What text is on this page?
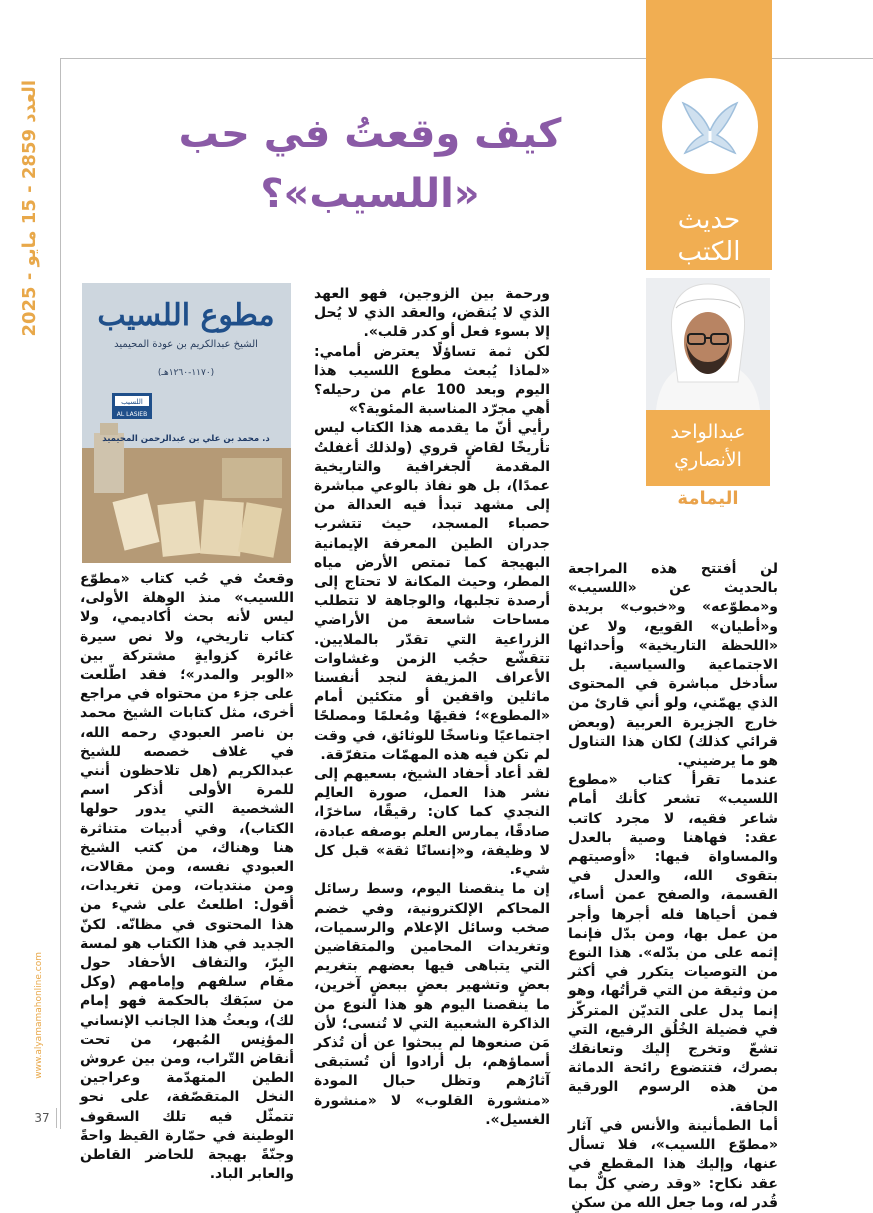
العدد 2859 - 15 مايو - 2025
www.alyamamahonline.com
37
حديث
الكتب
عبدالواحد
الأنصاري
اليمامة
كيف وقعتُ في حب
«اللسيب»؟
مطوع اللسيب
الشيخ عبدالكريم بن عودة المحيميد
(١١٧٠-١٢٦٠هـ)
اللسيب
AL LASIEB
د. محمد بن علي بن عبدالرحمن المحيميد

لن أفتتح هذه المراجعة بالحديث عن «اللسيب» و«مطوّعه» و«خبوب» بريدة و«أطيان» القويع، ولا عن «اللحظة التاريخية» وأحداثها الاجتماعية والسياسية. بل سأدخل مباشرة في المحتوى الذي يهمّني، ولو أني قارئ من خارج الجزيرة العربية (وبعض قرائي كذلك) لكان هذا التناول هو ما يرضيني.

عندما تقرأ كتاب «مطوع اللسيب» تشعر كأنك أمام شاعر فقيه، لا مجرد كاتب عقد: فهاهنا وصية بالعدل والمساواة فيها: «أوصيتهم بتقوى الله، والعدل في القسمة، والصفح عمن أساء، فمن أحياها فله أجرها وأجر من عمل بها، ومن بدّل فإنما إثمه على من بدّله». هذا النوع من التوصيات يتكرر في أكثر من وثيقة من التي قرأتُها، وهو إنما يدل على التديّن المتركّز في فضيلة الخُلُق الرفيع، التي تشعّ وتخرج إليك وتعانقك بصرك، فتتضوع رائحة الدماثة من هذه الرسوم الورقية الجافة.

أما الطمأنينة والأنس في آثار «مطوّع اللسيب»، فلا تسأل عنها، وإليك هذا المقطع في عقد نكاح: «وقد رضي كلٌّ بما قُدر له، وما جعل الله من سكنٍ

ورحمة بين الزوجين، فهو العهد الذي لا يُنقض، والعقد الذي لا يُحل إلا بسوء فعل أو كدر قلب».

لكن ثمة تساؤلًا يعترض أمامي: «لماذا يُبعث مطوع اللسيب هذا اليوم وبعد 100 عام من رحيله؟ أهي مجرّد المناسبة المئوية؟»

رأيي أنّ ما يقدمه هذا الكتاب ليس تأريخًا لقاضٍ قروي (ولذلك أغفلتُ المقدمة الجغرافية والتاريخية عمدًا)، بل هو نفاذ بالوعي مباشرة إلى مشهد تبدأ فيه العدالة من حصباء المسجد، حيث تتشرب جدران الطين المعرفة الإيمانية البهيجة كما تمتص الأرض مياه المطر، وحيث المكانة لا تحتاج إلى أرصدة تجلبها، والوجاهة لا تتطلب مساحات شاسعة من الأراضي الزراعية التي تقدّر بالملايين. تتقشّع حجُب الزمن وغشاوات الأعراف المزيفة لنجد أنفسنا ماثلين واقفين أو متكئين أمام «المطوع»؛ فقيهًا ومُعلمًا ومصلحًا اجتماعيًا وناسخًا للوثائق، في وقت لم تكن فيه هذه المهمّات متفرّقة.

لقد أعاد أحفاد الشيخ، بسعيهم إلى نشر هذا العمل، صورة العالِم النجدي كما كان: رقيقًا، ساخرًا، صادقًا، يمارس العلم بوصفه عبادة، لا وظيفة، و«إنسانًا ثقة» قبل كل شيء.

إن ما ينقصنا اليوم، وسط رسائل المحاكم الإلكترونية، وفي خضم صخب وسائل الإعلام والرسميات، وتغريدات المحامين والمتقاضين التي يتباهى فيها بعضهم بتغريم بعضٍ وتشهير بعضٍ ببعضٍ آخرين، ما ينقصنا اليوم هو هذا النوع من الذاكرة الشعبية التي لا تُنسى؛ لأن مَن صنعوها لم يبحثوا عن أن تُذكر أسماؤهم، بل أرادوا أن تُستبقى آثارُهم وتظل حبال المودة «منشورة القلوب» لا «منشورة الغسيل».

وقعتُ في حُب كتاب «مطوّع اللسيب» منذ الوهلة الأولى، ليس لأنه بحث أكاديمي، ولا كتاب تاريخي، ولا نص سيرة غائرة كزوايةٍ مشتركة بين «الوبر والمدر»؛ فقد اطّلعت على جزء من محتواه في مراجع أخرى، مثل كتابات الشيخ محمد بن ناصر العبودي رحمه الله، في غلاف خصصه للشيخ عبدالكريم (هل تلاحظون أنني للمرة الأولى أذكر اسم الشخصية التي يدور حولها الكتاب)، وفي أدبيات متناثرة هنا وهناك، من كتب الشيخ العبودي نفسه، ومن مقالات، ومن منتديات، ومن تغريدات، أقول: اطلعتُ على شيء من هذا المحتوى في مظانّه. لكنّ الجديد في هذا الكتاب هو لمسة البِرّ، والتفاف الأحفاد حول مقام سلفهم وإمامهم (وكل من سبَقك بالحكمة فهو إمام لك)، وبعثُ هذا الجانب الإنساني المؤنِس المُبهر، من تحت أنقاض التّراب، ومن بين عروش الطين المتهدّمة وعراجين النخل المتقصّفة، على نحو تتمثّل فيه تلك السقوف الوطينة في حمّارة القيظ واحةً وجنّةً بهيجة للحاضر القاطن والعابر الباد.
